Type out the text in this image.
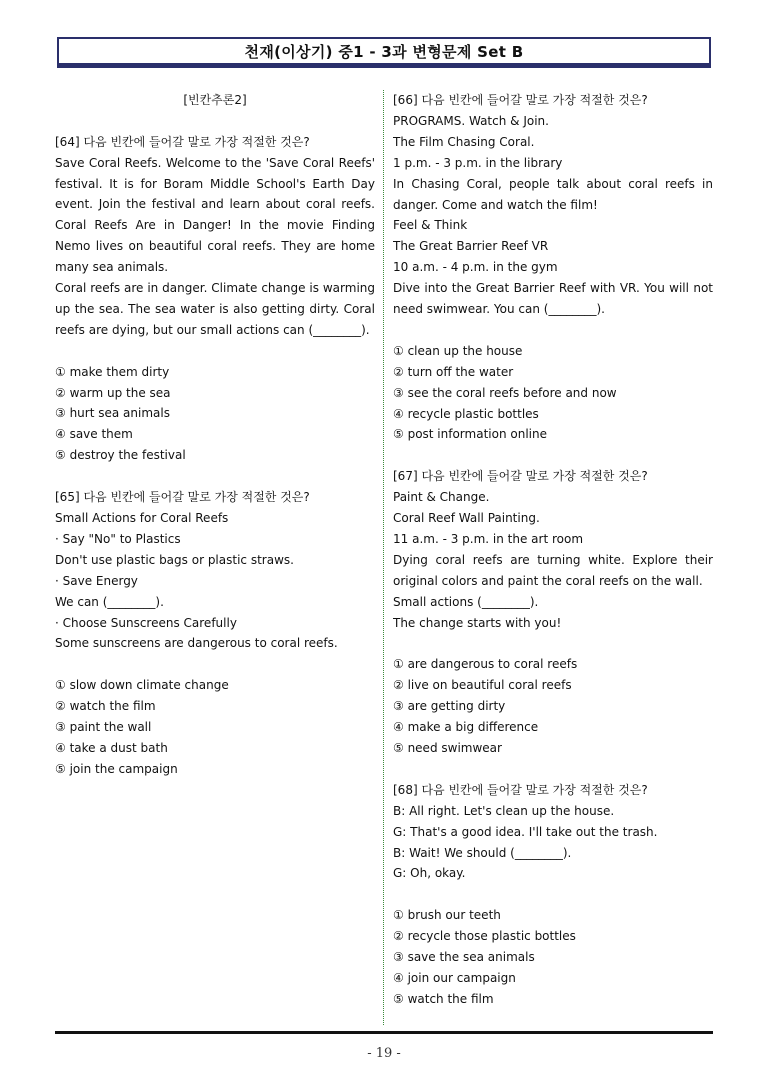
천재(이상기) 중1 - 3과 변형문제 Set B
[빈칸추론2]
[64] 다음 빈칸에 들어갈 말로 가장 적절한 것은?
Save Coral Reefs. Welcome to the 'Save Coral Reefs'
festival. It is for Boram Middle School's Earth Day
event. Join the festival and learn about coral reefs.
Coral Reefs Are in Danger! In the movie Finding
Nemo lives on beautiful coral reefs. They are home
many sea animals.
Coral reefs are in danger. Climate change is warming
up the sea. The sea water is also getting dirty. Coral
reefs are dying, but our small actions can (________).
① make them dirty
② warm up the sea
③ hurt sea animals
④ save them
⑤ destroy the festival
[65] 다음 빈칸에 들어갈 말로 가장 적절한 것은?
Small Actions for Coral Reefs
· Say "No" to Plastics
Don't use plastic bags or plastic straws.
· Save Energy
We can (________).
· Choose Sunscreens Carefully
Some sunscreens are dangerous to coral reefs.
① slow down climate change
② watch the film
③ paint the wall
④ take a dust bath
⑤ join the campaign
[66] 다음 빈칸에 들어갈 말로 가장 적절한 것은?
PROGRAMS. Watch & Join.
The Film Chasing Coral.
1 p.m. - 3 p.m. in the library
In Chasing Coral, people talk about coral reefs in
danger. Come and watch the film!
Feel & Think
The Great Barrier Reef VR
10 a.m. - 4 p.m. in the gym
Dive into the Great Barrier Reef with VR. You will not
need swimwear. You can (________).
① clean up the house
② turn off the water
③ see the coral reefs before and now
④ recycle plastic bottles
⑤ post information online
[67] 다음 빈칸에 들어갈 말로 가장 적절한 것은?
Paint & Change.
Coral Reef Wall Painting.
11 a.m. - 3 p.m. in the art room
Dying coral reefs are turning white. Explore their
original colors and paint the coral reefs on the wall.
Small actions (________).
The change starts with you!
① are dangerous to coral reefs
② live on beautiful coral reefs
③ are getting dirty
④ make a big difference
⑤ need swimwear
[68] 다음 빈칸에 들어갈 말로 가장 적절한 것은?
B: All right. Let's clean up the house.
G: That's a good idea. I'll take out the trash.
B: Wait! We should (________).
G: Oh, okay.
① brush our teeth
② recycle those plastic bottles
③ save the sea animals
④ join our campaign
⑤ watch the film
- 19 -
